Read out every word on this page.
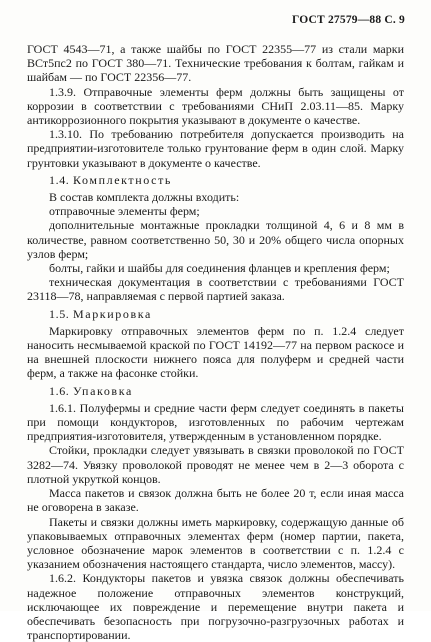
ГОСТ 27579—88 С. 9

ГОСТ 4543—71, а также шайбы по ГОСТ 22355—77 из стали марки ВСт5пс2 по ГОСТ 380—71. Технические требования к болтам, гайкам и шайбам — по ГОСТ 22356—77.

1.3.9. Отправочные элементы ферм должны быть защищены от коррозии в соответствии с требованиями СНиП 2.03.11—85. Марку антикоррозионного покрытия указывают в документе о качестве.

1.3.10. По требованию потребителя допускается производить на предприятии-изготовителе только грунтование ферм в один слой. Марку грунтовки указывают в документе о качестве.

1.4. Комплектность

В состав комплекта должны входить:

отправочные элементы ферм;

дополнительные монтажные прокладки толщиной 4, 6 и 8 мм в количестве, равном соответственно 50, 30 и 20% общего числа опорных узлов ферм;

болты, гайки и шайбы для соединения фланцев и крепления ферм;

техническая документация в соответствии с требованиями ГОСТ 23118—78, направляемая с первой партией заказа.

1.5. Маркировка

Маркировку отправочных элементов ферм по п. 1.2.4 следует наносить несмываемой краской по ГОСТ 14192—77 на первом раскосе и на внешней плоскости нижнего пояса для полуферм и средней части ферм, а также на фасонке стойки.

1.6. Упаковка

1.6.1. Полуфермы и средние части ферм следует соединять в пакеты при помощи кондукторов, изготовленных по рабочим чертежам предприятия-изготовителя, утвержденным в установленном порядке.

Стойки, прокладки следует увязывать в связки проволокой по ГОСТ 3282—74. Увязку проволокой проводят не менее чем в 2—3 оборота с плотной укруткой концов.

Масса пакетов и связок должна быть не более 20 т, если иная масса не оговорена в заказе.

Пакеты и связки должны иметь маркировку, содержащую данные об упаковываемых отправочных элементах ферм (номер партии, пакета, условное обозначение марок элементов в соответствии с п. 1.2.4 с указанием обозначения настоящего стандарта, число элементов, массу).

1.6.2. Кондукторы пакетов и увязка связок должны обеспечивать надежное положение отправочных элементов конструкций, исключающее их повреждение и перемещение внутри пакета и обеспечивать безопасность при погрузочно-разгрузочных работах и транспортировании.
